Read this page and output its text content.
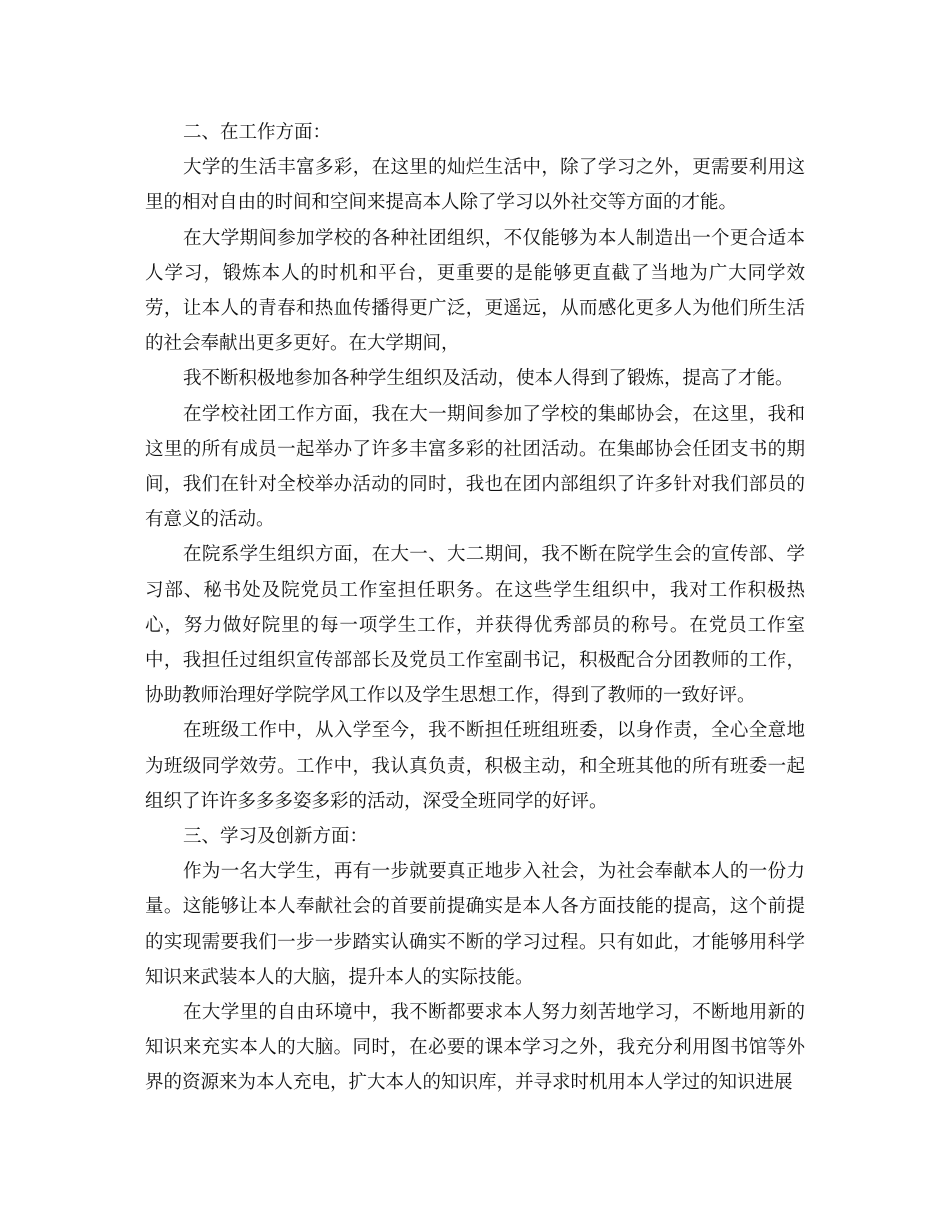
二、在工作方面：

大学的生活丰富多彩，在这里的灿烂生活中，除了学习之外，更需要利用这里的相对自由的时间和空间来提高本人除了学习以外社交等方面的才能。

在大学期间参加学校的各种社团组织，不仅能够为本人制造出一个更合适本人学习，锻炼本人的时机和平台，更重要的是能够更直截了当地为广大同学效劳，让本人的青春和热血传播得更广泛，更遥远，从而感化更多人为他们所生活的社会奉献出更多更好。在大学期间，

我不断积极地参加各种学生组织及活动，使本人得到了锻炼，提高了才能。

在学校社团工作方面，我在大一期间参加了学校的集邮协会，在这里，我和这里的所有成员一起举办了许多丰富多彩的社团活动。在集邮协会任团支书的期间，我们在针对全校举办活动的同时，我也在团内部组织了许多针对我们部员的有意义的活动。

在院系学生组织方面，在大一、大二期间，我不断在院学生会的宣传部、学习部、秘书处及院党员工作室担任职务。在这些学生组织中，我对工作积极热心，努力做好院里的每一项学生工作，并获得优秀部员的称号。在党员工作室中，我担任过组织宣传部部长及党员工作室副书记，积极配合分团教师的工作，协助教师治理好学院学风工作以及学生思想工作，得到了教师的一致好评。

在班级工作中，从入学至今，我不断担任班组班委，以身作责，全心全意地为班级同学效劳。工作中，我认真负责，积极主动，和全班其他的所有班委一起组织了许许多多多姿多彩的活动，深受全班同学的好评。

三、学习及创新方面：

作为一名大学生，再有一步就要真正地步入社会，为社会奉献本人的一份力量。这能够让本人奉献社会的首要前提确实是本人各方面技能的提高，这个前提的实现需要我们一步一步踏实认确实不断的学习过程。只有如此，才能够用科学知识来武装本人的大脑，提升本人的实际技能。

在大学里的自由环境中，我不断都要求本人努力刻苦地学习，不断地用新的知识来充实本人的大脑。同时，在必要的课本学习之外，我充分利用图书馆等外界的资源来为本人充电，扩大本人的知识库，并寻求时机用本人学过的知识进展
